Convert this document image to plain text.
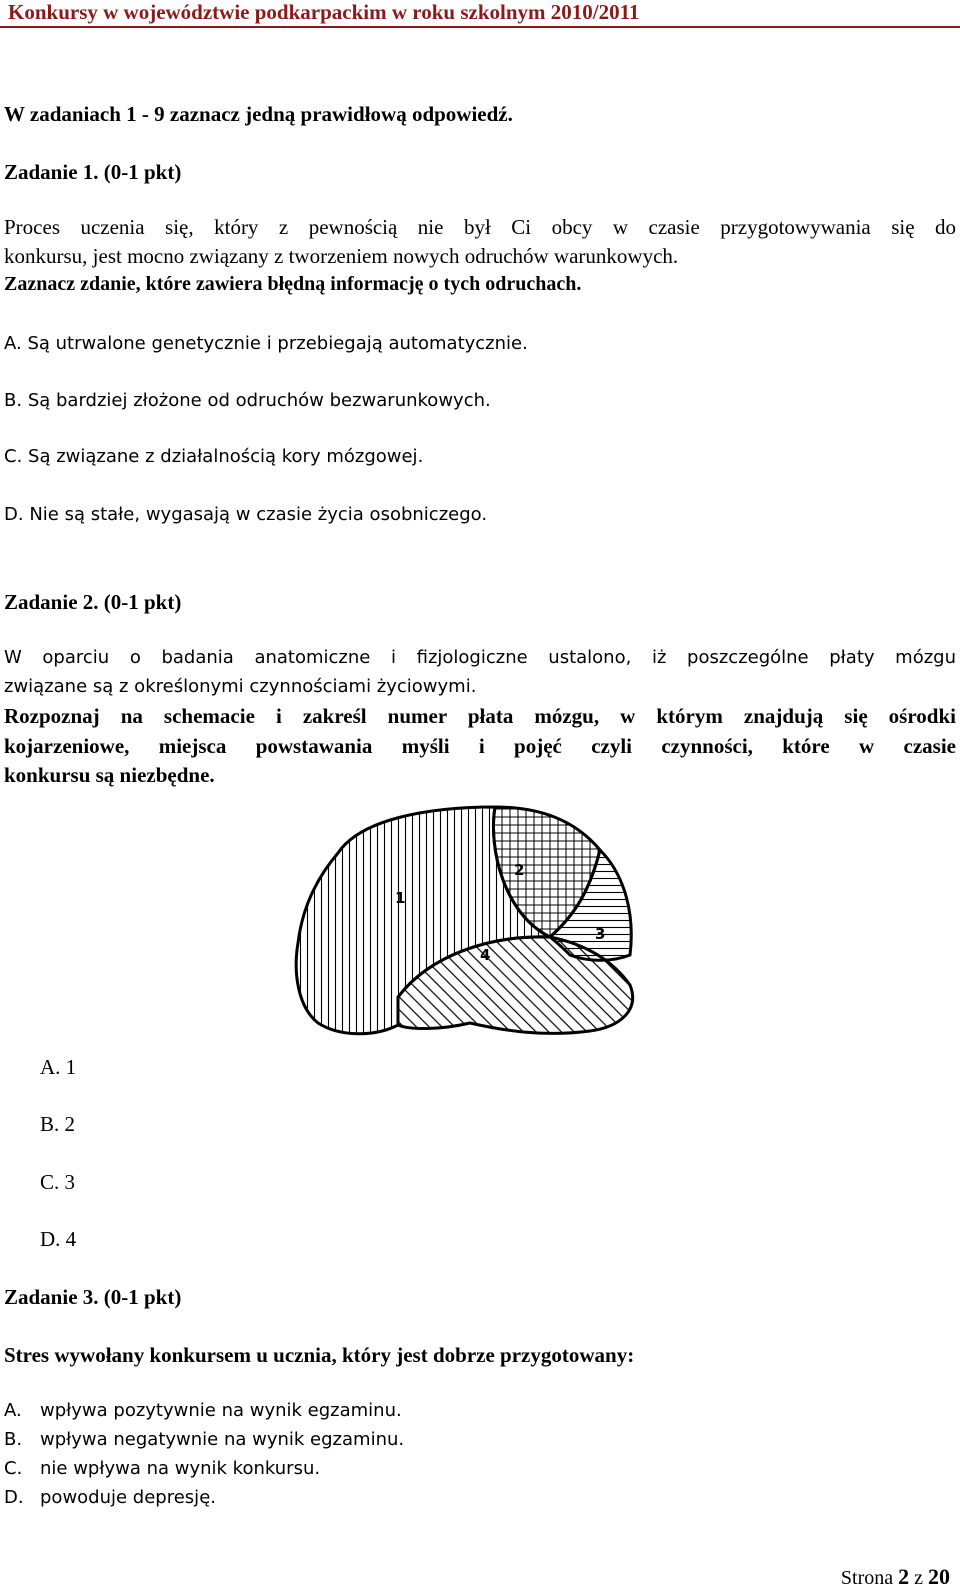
Konkursy w województwie podkarpackim w roku szkolnym 2010/2011
W zadaniach 1 - 9 zaznacz jedną prawidłową odpowiedź.
Zadanie 1. (0-1 pkt)
Proces uczenia się, który z pewnością nie był Ci obcy w czasie przygotowywania się do
konkursu, jest mocno związany z tworzeniem nowych odruchów warunkowych.
Zaznacz zdanie, które zawiera błędną informację o tych odruchach.
A. Są utrwalone genetycznie i przebiegają automatycznie.
B. Są bardziej złożone od odruchów bezwarunkowych.
C. Są związane z działalnością kory mózgowej.
D. Nie są stałe, wygasają w czasie życia osobniczego.
Zadanie 2. (0-1 pkt)
W oparciu o badania anatomiczne i fizjologiczne ustalono, iż poszczególne płaty mózgu
związane są z określonymi czynnościami życiowymi.
Rozpoznaj na schemacie i zakreśl numer płata mózgu, w którym znajdują się ośrodki
kojarzeniowe, miejsca powstawania myśli i pojęć czyli czynności, które w czasie
konkursu są niezbędne.
1
2
3
4
A. 1
B. 2
C. 3
D. 4
Zadanie 3. (0-1 pkt)
Stres wywołany konkursem u ucznia, który jest dobrze przygotowany:
A. wpływa pozytywnie na wynik egzaminu.
B. wpływa negatywnie na wynik egzaminu.
C. nie wpływa na wynik konkursu.
D. powoduje depresję.
Strona 2 z 20
